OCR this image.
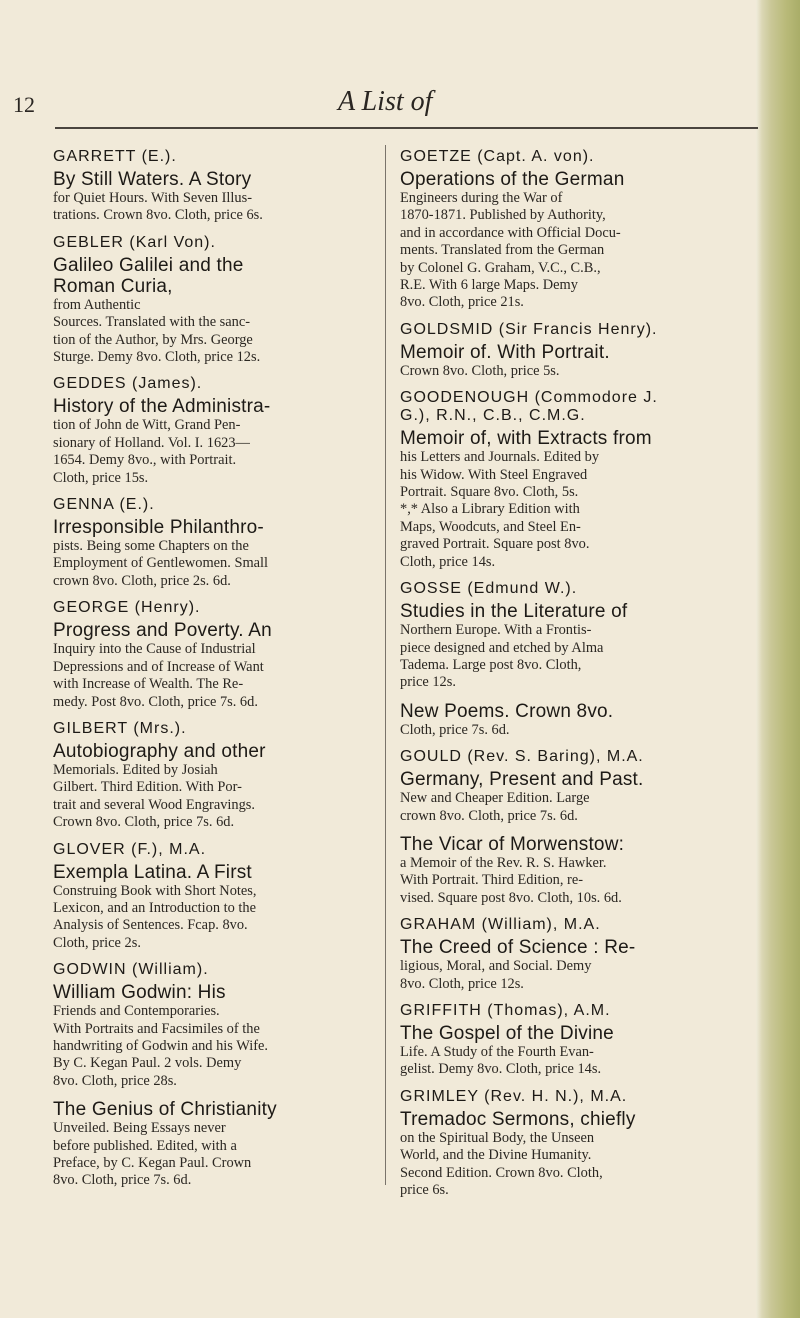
12	A List of
GARRETT (E.).
By Still Waters. A Story
for Quiet Hours. With Seven Illus-
trations. Crown 8vo. Cloth, price 6s.
GEBLER (Karl Von).
Galileo Galilei and the
Roman Curia,
from Authentic
Sources. Translated with the sanc-
tion of the Author, by Mrs. George
Sturge. Demy 8vo. Cloth, price 12s.
GEDDES (James).
History of the Administra-
tion of John de Witt, Grand Pen-
sionary of Holland. Vol. I. 1623—
1654. Demy 8vo., with Portrait.
Cloth, price 15s.
GENNA (E.).
Irresponsible Philanthro-
pists. Being some Chapters on the
Employment of Gentlewomen. Small
crown 8vo. Cloth, price 2s. 6d.
GEORGE (Henry).
Progress and Poverty. An
Inquiry into the Cause of Industrial
Depressions and of Increase of Want
with Increase of Wealth. The Re-
medy. Post 8vo. Cloth, price 7s. 6d.
GILBERT (Mrs.).
Autobiography and other
Memorials. Edited by Josiah
Gilbert. Third Edition. With Por-
trait and several Wood Engravings.
Crown 8vo. Cloth, price 7s. 6d.
GLOVER (F.), M.A.
Exempla Latina. A First
Construing Book with Short Notes,
Lexicon, and an Introduction to the
Analysis of Sentences. Fcap. 8vo.
Cloth, price 2s.
GODWIN (William).
William Godwin: His
Friends and Contemporaries.
With Portraits and Facsimiles of the
handwriting of Godwin and his Wife.
By C. Kegan Paul. 2 vols. Demy
8vo. Cloth, price 28s.
The Genius of Christianity
Unveiled. Being Essays never
before published. Edited, with a
Preface, by C. Kegan Paul. Crown
8vo. Cloth, price 7s. 6d.
GOETZE (Capt. A. von).
Operations of the German
Engineers during the War of
1870-1871. Published by Authority,
and in accordance with Official Docu-
ments. Translated from the German
by Colonel G. Graham, V.C., C.B.,
R.E. With 6 large Maps. Demy
8vo. Cloth, price 21s.
GOLDSMID (Sir Francis Henry).
Memoir of. With Portrait.
Crown 8vo. Cloth, price 5s.
GOODENOUGH (Commodore J.
G.), R.N., C.B., C.M.G.
Memoir of, with Extracts from
his Letters and Journals. Edited by
his Widow. With Steel Engraved
Portrait. Square 8vo. Cloth, 5s.
*,* Also a Library Edition with
Maps, Woodcuts, and Steel En-
graved Portrait. Square post 8vo.
Cloth, price 14s.
GOSSE (Edmund W.).
Studies in the Literature of
Northern Europe. With a Frontis-
piece designed and etched by Alma
Tadema. Large post 8vo. Cloth,
price 12s.
New Poems. Crown 8vo.
Cloth, price 7s. 6d.
GOULD (Rev. S. Baring), M.A.
Germany, Present and Past.
New and Cheaper Edition. Large
crown 8vo. Cloth, price 7s. 6d.
The Vicar of Morwenstow:
a Memoir of the Rev. R. S. Hawker.
With Portrait. Third Edition, re-
vised. Square post 8vo. Cloth, 10s. 6d.
GRAHAM (William), M.A.
The Creed of Science : Re-
ligious, Moral, and Social. Demy
8vo. Cloth, price 12s.
GRIFFITH (Thomas), A.M.
The Gospel of the Divine
Life. A Study of the Fourth Evan-
gelist. Demy 8vo. Cloth, price 14s.
GRIMLEY (Rev. H. N.), M.A.
Tremadoc Sermons, chiefly
on the Spiritual Body, the Unseen
World, and the Divine Humanity.
Second Edition. Crown 8vo. Cloth,
price 6s.
